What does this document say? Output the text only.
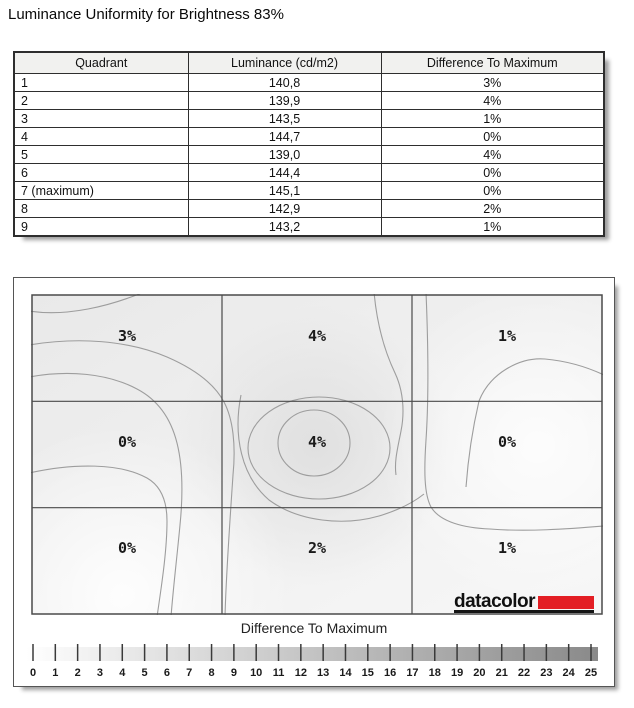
Luminance Uniformity for Brightness 83%
Quadrant	Luminance (cd/m2)	Difference To Maximum
1	140,8	3%
2	139,9	4%
3	143,5	1%
4	144,7	0%
5	139,0	4%
6	144,4	0%
7 (maximum)	145,1	0%
8	142,9	2%
9	143,2	1%
3%	4%	1%
0%	4%	0%
0%	2%	1%
datacolor
Difference To Maximum
0 1 2 3 4 5 6 7 8 9 10 11 12 13 14 15 16 17 18 19 20 21 22 23 24 25
